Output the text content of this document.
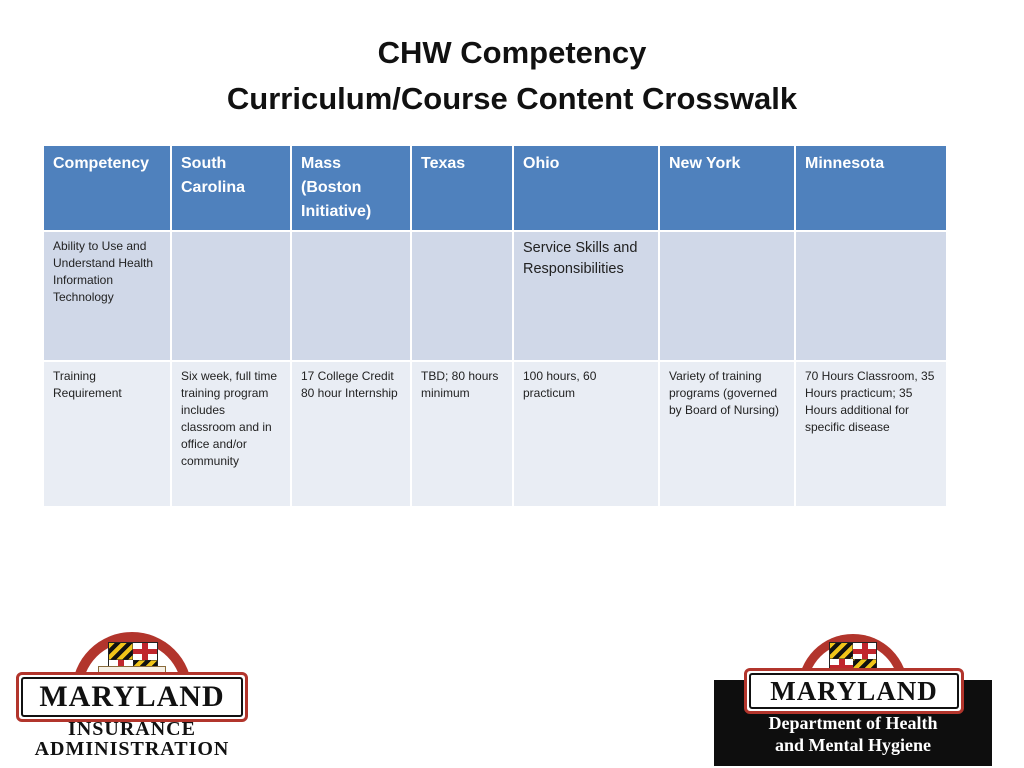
CHW Competency
Curriculum/Course Content Crosswalk
Competency	South Carolina	Mass (Boston Initiative)	Texas	Ohio	New York	Minnesota
Ability to Use and Understand Health Information Technology				Service Skills and Responsibilities		
Training Requirement	Six week, full time training program includes classroom and in office and/or community	17 College Credit 80 hour Internship	TBD; 80 hours minimum	100 hours, 60 practicum	Variety of training programs (governed by Board of Nursing)	70 Hours Classroom, 35 Hours practicum; 35 Hours additional for specific disease
MARYLAND
INSURANCE
ADMINISTRATION
MARYLAND
Department of Health
and Mental Hygiene
